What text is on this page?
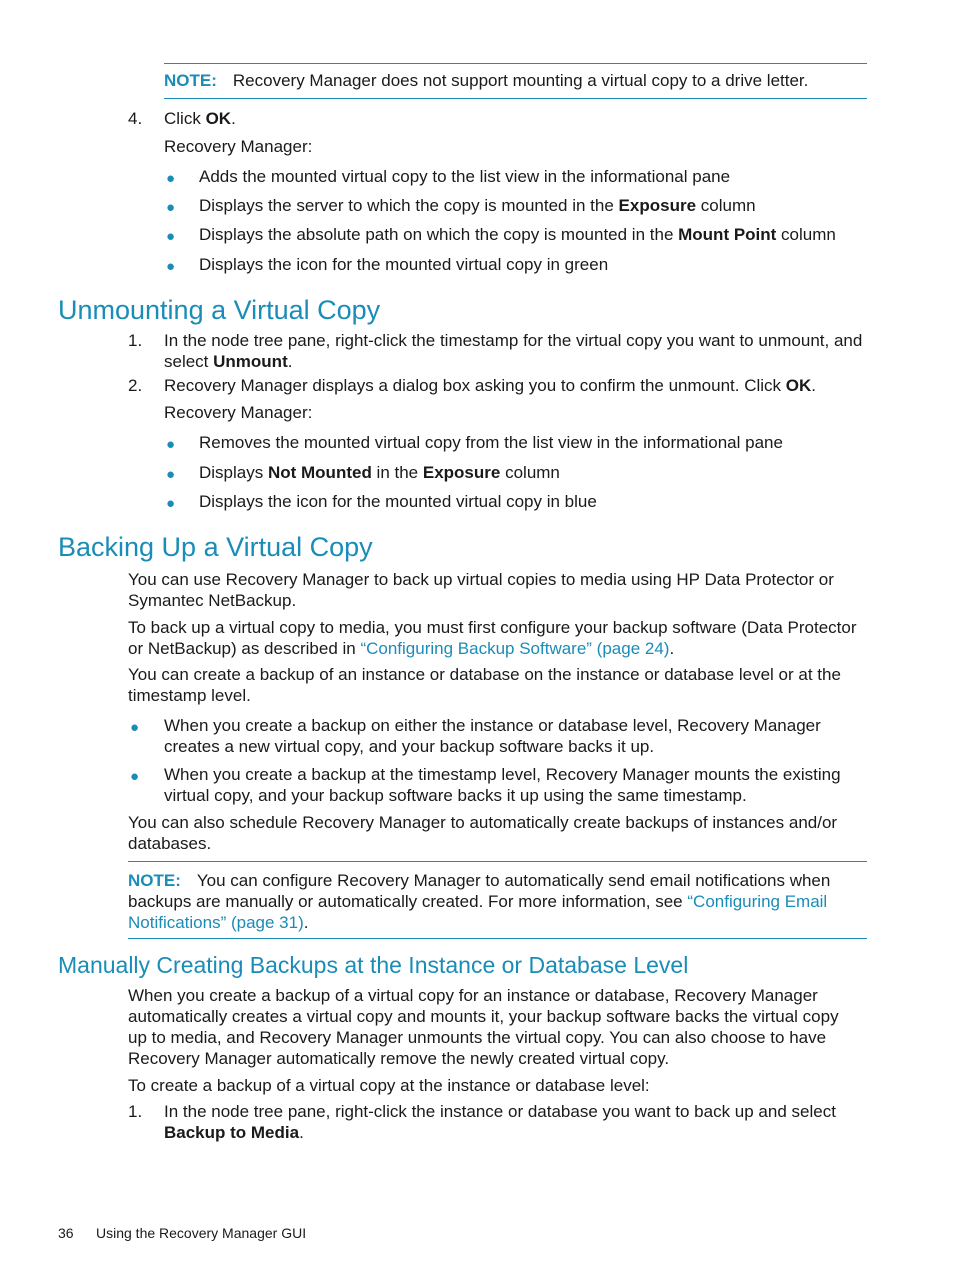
NOTE: Recovery Manager does not support mounting a virtual copy to a drive letter.
4. Click OK.
Recovery Manager:
● Adds the mounted virtual copy to the list view in the informational pane
● Displays the server to which the copy is mounted in the Exposure column
● Displays the absolute path on which the copy is mounted in the Mount Point column
● Displays the icon for the mounted virtual copy in green
Unmounting a Virtual Copy
1. In the node tree pane, right-click the timestamp for the virtual copy you want to unmount, and
select Unmount.
2. Recovery Manager displays a dialog box asking you to confirm the unmount. Click OK.
Recovery Manager:
● Removes the mounted virtual copy from the list view in the informational pane
● Displays Not Mounted in the Exposure column
● Displays the icon for the mounted virtual copy in blue
Backing Up a Virtual Copy
You can use Recovery Manager to back up virtual copies to media using HP Data Protector or
Symantec NetBackup.
To back up a virtual copy to media, you must first configure your backup software (Data Protector
or NetBackup) as described in “Configuring Backup Software” (page 24).
You can create a backup of an instance or database on the instance or database level or at the
timestamp level.
● When you create a backup on either the instance or database level, Recovery Manager
creates a new virtual copy, and your backup software backs it up.
● When you create a backup at the timestamp level, Recovery Manager mounts the existing
virtual copy, and your backup software backs it up using the same timestamp.
You can also schedule Recovery Manager to automatically create backups of instances and/or
databases.
NOTE: You can configure Recovery Manager to automatically send email notifications when
backups are manually or automatically created. For more information, see “Configuring Email
Notifications” (page 31).
Manually Creating Backups at the Instance or Database Level
When you create a backup of a virtual copy for an instance or database, Recovery Manager
automatically creates a virtual copy and mounts it, your backup software backs the virtual copy
up to media, and Recovery Manager unmounts the virtual copy. You can also choose to have
Recovery Manager automatically remove the newly created virtual copy.
To create a backup of a virtual copy at the instance or database level:
1. In the node tree pane, right-click the instance or database you want to back up and select
Backup to Media.
36 Using the Recovery Manager GUI
